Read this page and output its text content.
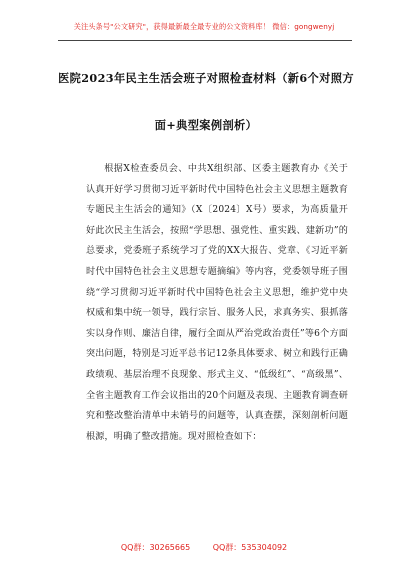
关注头条号"公文研究"，获得最新最全最专业的公文资料库！ 微信：gongwenyj
医院2023年民主生活会班子对照检查材料（新6个对照方
面+典型案例剖析）

根据X检查委员会、中共X组织部、区委主题教育办《关于认真开好学习贯彻习近平新时代中国特色社会主义思想主题教育专题民主生活会的通知》（X〔2024〕X号）要求，为高质量开好此次民主生活会，按照“学思想、强党性、重实践、建新功”的总要求，党委班子系统学习了党的XX大报告、党章、《习近平新时代中国特色社会主义思想专题摘编》等内容，党委领导班子围绕“学习贯彻习近平新时代中国特色社会主义思想，维护党中央权威和集中统一领导，践行宗旨、服务人民，求真务实、狠抓落实以身作则、廉洁自律，履行全面从严治党政治责任”等6个方面突出问题，特别是习近平总书记12条具体要求、树立和践行正确政绩观、基层治理不良现象、形式主义、“低级红”、“高级黑”、全省主题教育工作会议指出的20个问题及表现、主题教育调查研究和整改整治清单中未销号的问题等，认真查摆，深刻剖析问题根源，明确了整改措施。现对照检查如下：

QQ群：30265665	QQ群：535304092
